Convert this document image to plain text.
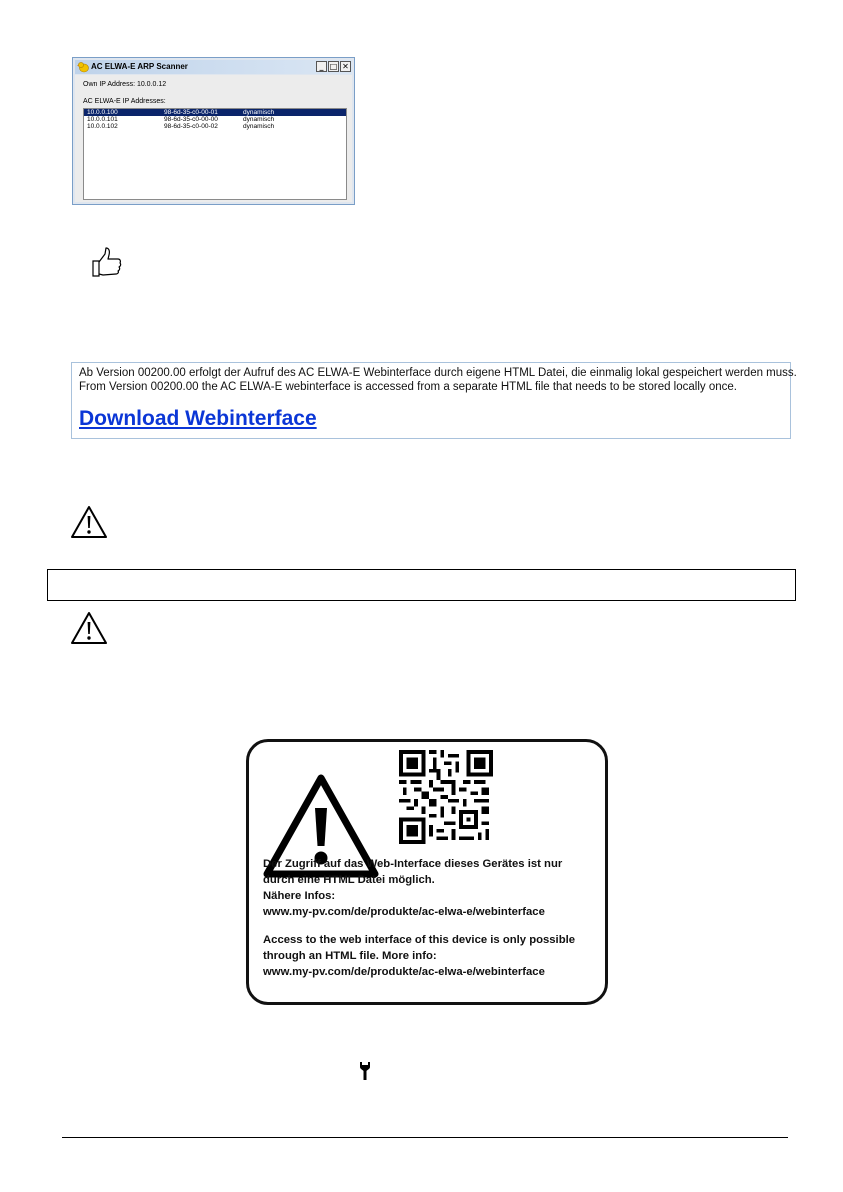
AC ELWA-E ARP Scanner	_ □ ✕
Own IP Address: 10.0.0.12
AC ELWA-E IP Addresses:
10.0.0.100	98-6d-35-c0-00-01	dynamisch
10.0.0.101	98-6d-35-c0-00-00	dynamisch
10.0.0.102	98-6d-35-c0-00-02	dynamisch

Ab Version 00200.00 erfolgt der Aufruf des AC ELWA-E Webinterface durch eigene HTML Datei, die einmalig lokal gespeichert werden muss.

From Version 00200.00 the AC ELWA-E webinterface is accessed from a separate HTML file that needs to be stored locally once.

Download Webinterface
Der Zugriff auf das Web-Interface dieses Gerätes ist nur
durch eine HTML Datei möglich.
Nähere Infos:
www.my-pv.com/de/produkte/ac-elwa-e/webinterface
Access to the web interface of this device is only possible
through an HTML file. More info:
www.my-pv.com/de/produkte/ac-elwa-e/webinterface
